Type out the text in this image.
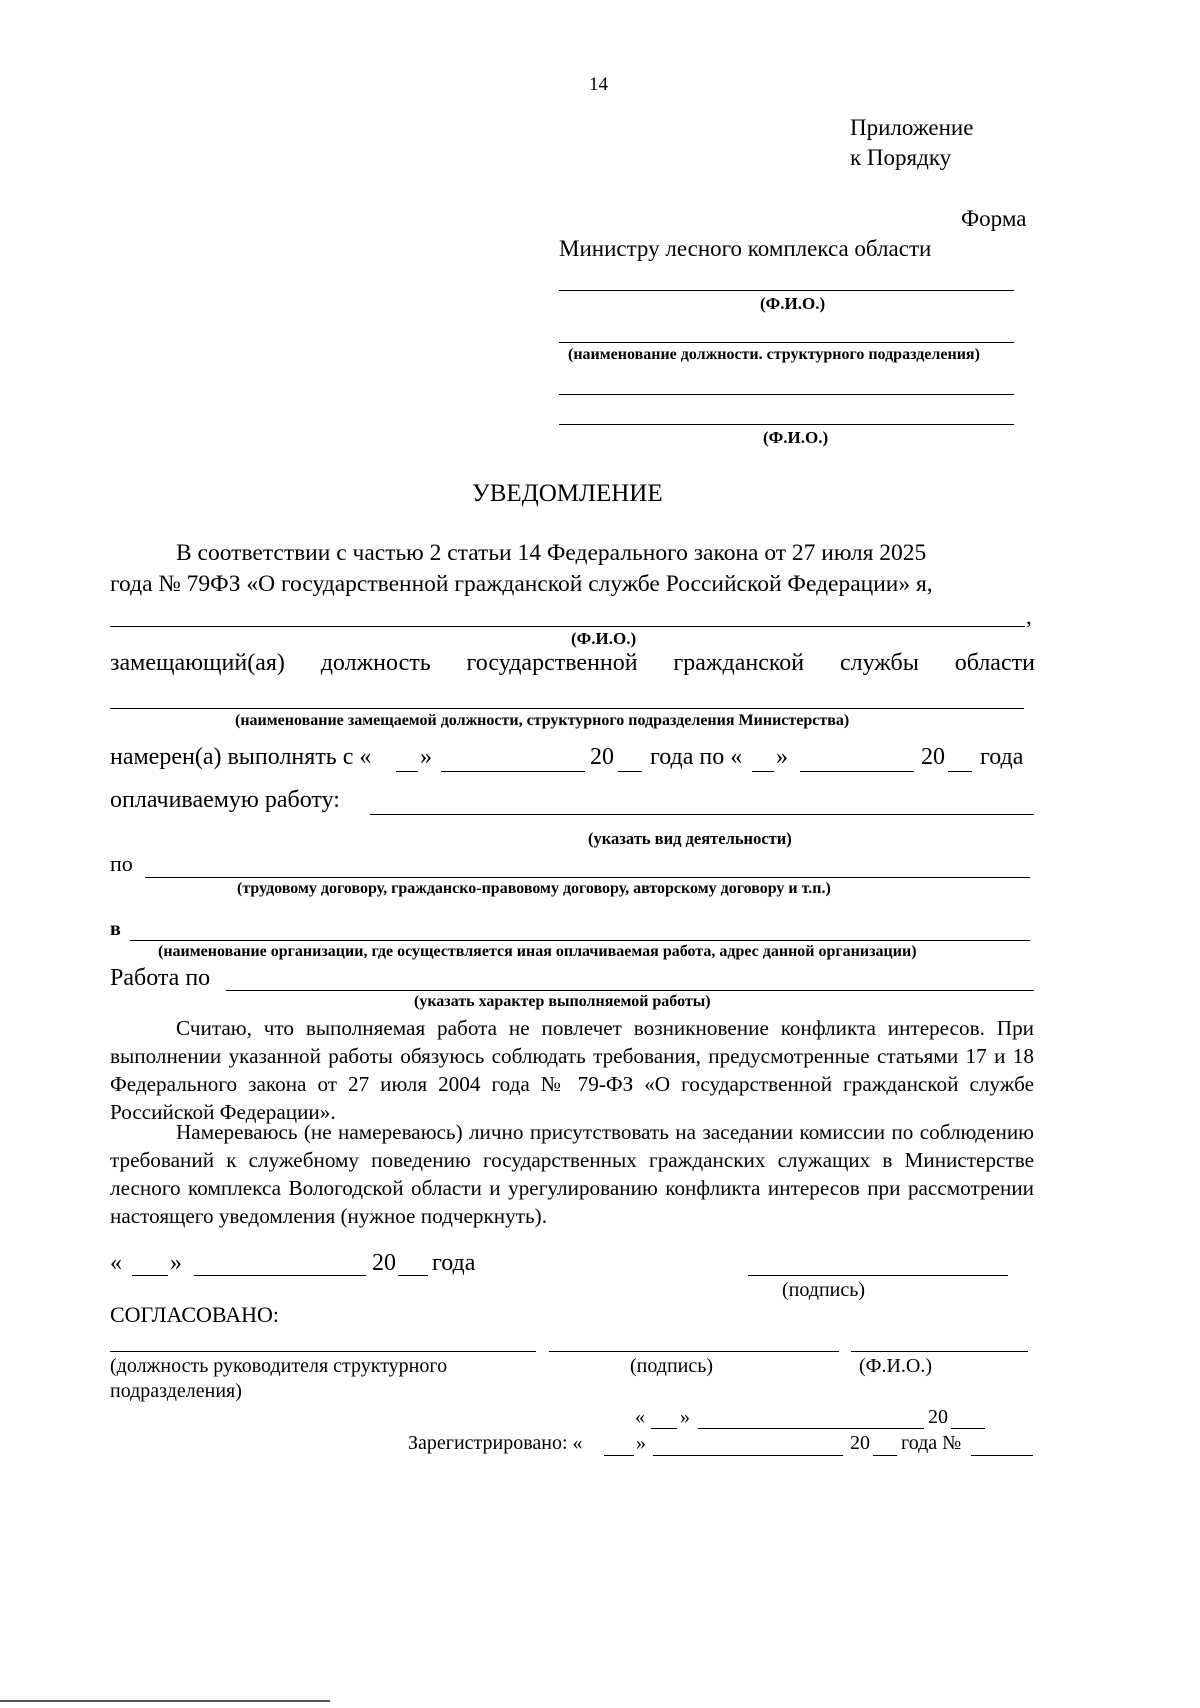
14
Приложение
к Порядку
Форма
Министру лесного комплекса области
(Ф.И.О.)
(наименование должности. структурного подразделения)
(Ф.И.О.)
УВЕДОМЛЕНИЕ
В соответствии с частью 2 статьи 14 Федерального закона от 27 июля 2025
года № 79ФЗ «О государственной гражданской службе Российской Федерации» я,
,
(Ф.И.О.)
замещающий(ая) должность государственной гражданской службы области
(наименование замещаемой должности, структурного подразделения Министерства)
намерен(а) выполнять с « »	20 года по « »	20 года
оплачиваемую работу:
(указать вид деятельности)
по
(трудовому договору, гражданско-правовому договору, авторскому договору и т.п.)
в
(наименование организации, где осуществляется иная оплачиваемая работа, адрес данной организации)
Работа по
(указать характер выполняемой работы)
Считаю, что выполняемая работа не повлечет возникновение конфликта интересов. При выполнении указанной работы обязуюсь соблюдать требования, предусмотренные статьями 17 и 18 Федерального закона от 27 июля 2004 года № 79-ФЗ «О государственной гражданской службе Российской Федерации».
Намереваюсь (не намереваюсь) лично присутствовать на заседании комиссии по соблюдению требований к служебному поведению государственных гражданских служащих в Министерстве лесного комплекса Вологодской области и урегулированию конфликта интересов при рассмотрении настоящего уведомления (нужное подчеркнуть).
« »	20 года
(подпись)
СОГЛАСОВАНО:
(должность руководителя структурного
подразделения)
(подпись)	(Ф.И.О.)
« »	20
Зарегистрировано: «	»	20 года №
